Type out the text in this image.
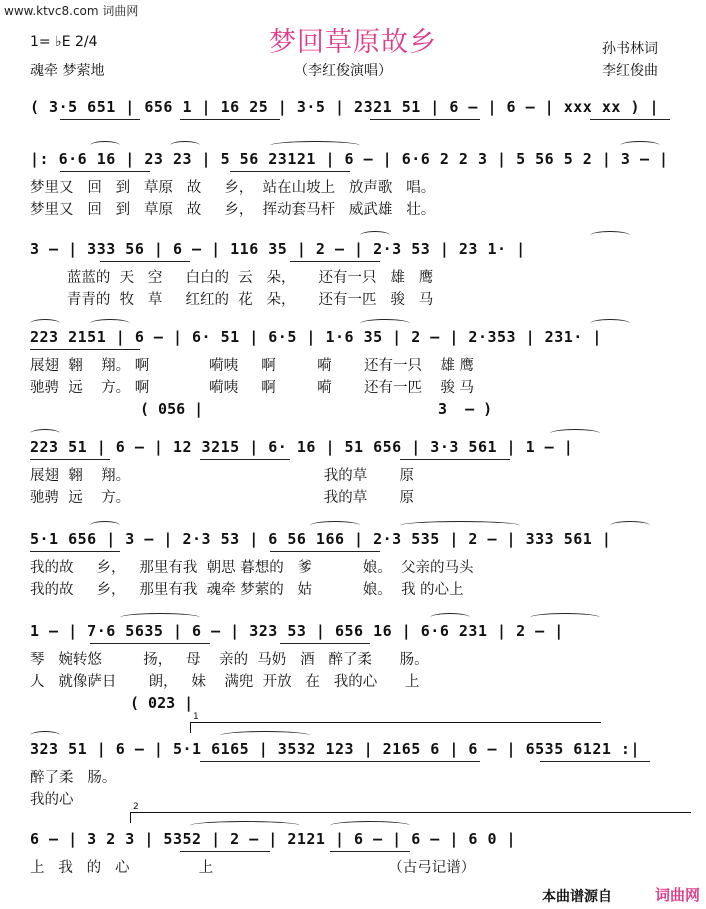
www.ktvc8.com 词曲网
梦回草原故乡
1= ♭E 2/4
魂牵 梦萦地	（李红俊演唱）
孙书林词
李红俊曲
( 3·5 651 | 656 1 | 16 25 | 3·5 | 2321 51 | 6 – | 6 – | xxx xx ) |
|: 6·6 16 | 23 23 | 5 56 23121 | 6 – | 6·6 2 2 3 | 5 56 5 2 | 3 – |
梦里又   回   到   草原   故     乡，  站在山坡上   放声歌   唱。
梦里又   回   到   草原   故     乡，  挥动套马杆   威武雄   壮。
3 – | 333 56 | 6 – | 116 35 | 2 – | 2·3 53 | 23 1· |
蓝蓝的  天   空     白白的  云   朵，     还有一只   雄   鹰
青青的  牧   草     红红的  花   朵，     还有一匹   骏   马
223 2151 | 6 – | 6· 51 | 6·5 | 1·6 35 | 2 – | 2·353 | 231· |
展翅  翱    翔。 啊             嗬咦     啊         嗬       还有一只    雄 鹰
驰骋  远    方。 啊             嗬咦     啊         嗬       还有一匹    骏 马
( 056 |                          3  – )
223 51 | 6 – | 12 3215 | 6· 16 | 51 656 | 3·3 561 | 1 – |
展翅  翱    翔。                                          我的草       原
驰骋  远    方。                                          我的草       原
5·1 656 | 3 – | 2·3 53 | 6 56 166 | 2·3 535 | 2 – | 333 561 |
我的故     乡，   那里有我  朝思 暮想的   爹           娘。  父亲的马头
我的故     乡，   那里有我  魂牵 梦萦的   姑           娘。  我 的心上
1 – | 7·6 5635 | 6 – | 323 53 | 656 16 | 6·6 231 | 2 – |
琴   婉转悠         扬，   母    亲的  马奶   酒   醉了柔      肠。
人   就像萨日       朗，   妹    满兜  开放   在   我的心      上
( 023 |
1
323 51 | 6 – | 5·1 6165 | 3532 123 | 2165 6 | 6 – | 6535 6121 :|
醉了柔   肠。
我的心	2
6 – | 3 2 3 | 5352 | 2 – | 2121 | 6 – | 6 – | 6 0 |
上   我   的   心               上                                      （古弓记谱）
本曲谱源自	词曲网
